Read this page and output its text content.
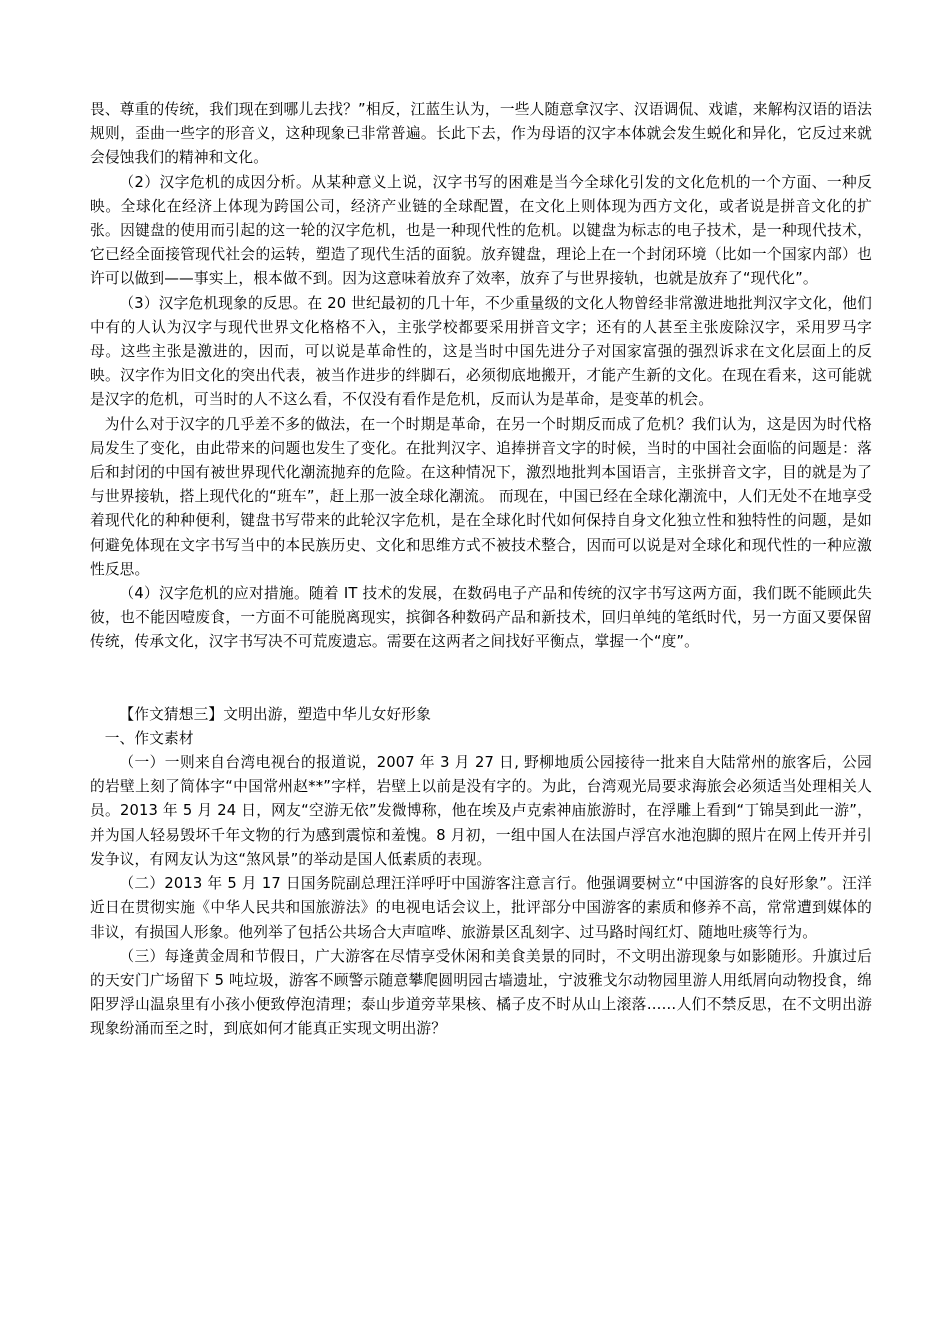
畏、尊重的传统，我们现在到哪儿去找？”相反，江蓝生认为，一些人随意拿汉字、汉语调侃、戏谑，来解构汉语的语法规则，歪曲一些字的形音义，这种现象已非常普遍。长此下去，作为母语的汉字本体就会发生蜕化和异化，它反过来就会侵蚀我们的精神和文化。

（2）汉字危机的成因分析。从某种意义上说，汉字书写的困难是当今全球化引发的文化危机的一个方面、一种反映。全球化在经济上体现为跨国公司，经济产业链的全球配置，在文化上则体现为西方文化，或者说是拼音文化的扩张。因键盘的使用而引起的这一轮的汉字危机，也是一种现代性的危机。以键盘为标志的电子技术，是一种现代技术，它已经全面接管现代社会的运转，塑造了现代生活的面貌。放弃键盘，理论上在一个封闭环境（比如一个国家内部）也许可以做到——事实上，根本做不到。因为这意味着放弃了效率，放弃了与世界接轨，也就是放弃了“现代化”。

（3）汉字危机现象的反思。在 20 世纪最初的几十年，不少重量级的文化人物曾经非常激进地批判汉字文化，他们中有的人认为汉字与现代世界文化格格不入，主张学校都要采用拼音文字；还有的人甚至主张废除汉字，采用罗马字母。这些主张是激进的，因而，可以说是革命性的，这是当时中国先进分子对国家富强的强烈诉求在文化层面上的反映。汉字作为旧文化的突出代表，被当作进步的绊脚石，必须彻底地搬开，才能产生新的文化。在现在看来，这可能就是汉字的危机，可当时的人不这么看，不仅没有看作是危机，反而认为是革命，是变革的机会。

为什么对于汉字的几乎差不多的做法，在一个时期是革命，在另一个时期反而成了危机？我们认为，这是因为时代格局发生了变化，由此带来的问题也发生了变化。在批判汉字、追捧拼音文字的时候，当时的中国社会面临的问题是：落后和封闭的中国有被世界现代化潮流抛弃的危险。在这种情况下，激烈地批判本国语言，主张拼音文字，目的就是为了与世界接轨，搭上现代化的“班车”，赶上那一波全球化潮流。 而现在，中国已经在全球化潮流中，人们无处不在地享受着现代化的种种便利，键盘书写带来的此轮汉字危机，是在全球化时代如何保持自身文化独立性和独特性的问题，是如何避免体现在文字书写当中的本民族历史、文化和思维方式不被技术整合，因而可以说是对全球化和现代性的一种应激性反思。

（4）汉字危机的应对措施。随着 IT 技术的发展，在数码电子产品和传统的汉字书写这两方面，我们既不能顾此失彼，也不能因噎废食，一方面不可能脱离现实，摈御各种数码产品和新技术，回归单纯的笔纸时代，另一方面又要保留传统，传承文化，汉字书写决不可荒废遗忘。需要在这两者之间找好平衡点，掌握一个“度”。

【作文猜想三】文明出游，塑造中华儿女好形象

一、作文素材

（一）一则来自台湾电视台的报道说，2007 年 3 月 27 日, 野柳地质公园接待一批来自大陆常州的旅客后，公园的岩壁上刻了简体字“中国常州赵**”字样，岩壁上以前是没有字的。为此，台湾观光局要求海旅会必须适当处理相关人员。2013 年 5 月 24 日，网友“空游无依”发微博称，他在埃及卢克索神庙旅游时，在浮雕上看到“丁锦昊到此一游”，并为国人轻易毁坏千年文物的行为感到震惊和羞愧。8 月初，一组中国人在法国卢浮宫水池泡脚的照片在网上传开并引发争议，有网友认为这“煞风景”的举动是国人低素质的表现。

（二）2013 年 5 月 17 日国务院副总理汪洋呼吁中国游客注意言行。他强调要树立“中国游客的良好形象”。汪洋近日在贯彻实施《中华人民共和国旅游法》的电视电话会议上，批评部分中国游客的素质和修养不高，常常遭到媒体的非议，有损国人形象。他列举了包括公共场合大声喧哗、旅游景区乱刻字、过马路时闯红灯、随地吐痰等行为。

（三）每逢黄金周和节假日，广大游客在尽情享受休闲和美食美景的同时，不文明出游现象与如影随形。升旗过后的天安门广场留下 5 吨垃圾，游客不顾警示随意攀爬圆明园古墙遗址，宁波雅戈尔动物园里游人用纸屑向动物投食，绵阳罗浮山温泉里有小孩小便致停泡清理；泰山步道旁苹果核、橘子皮不时从山上滚落……人们不禁反思，在不文明出游现象纷涌而至之时，到底如何才能真正实现文明出游？
